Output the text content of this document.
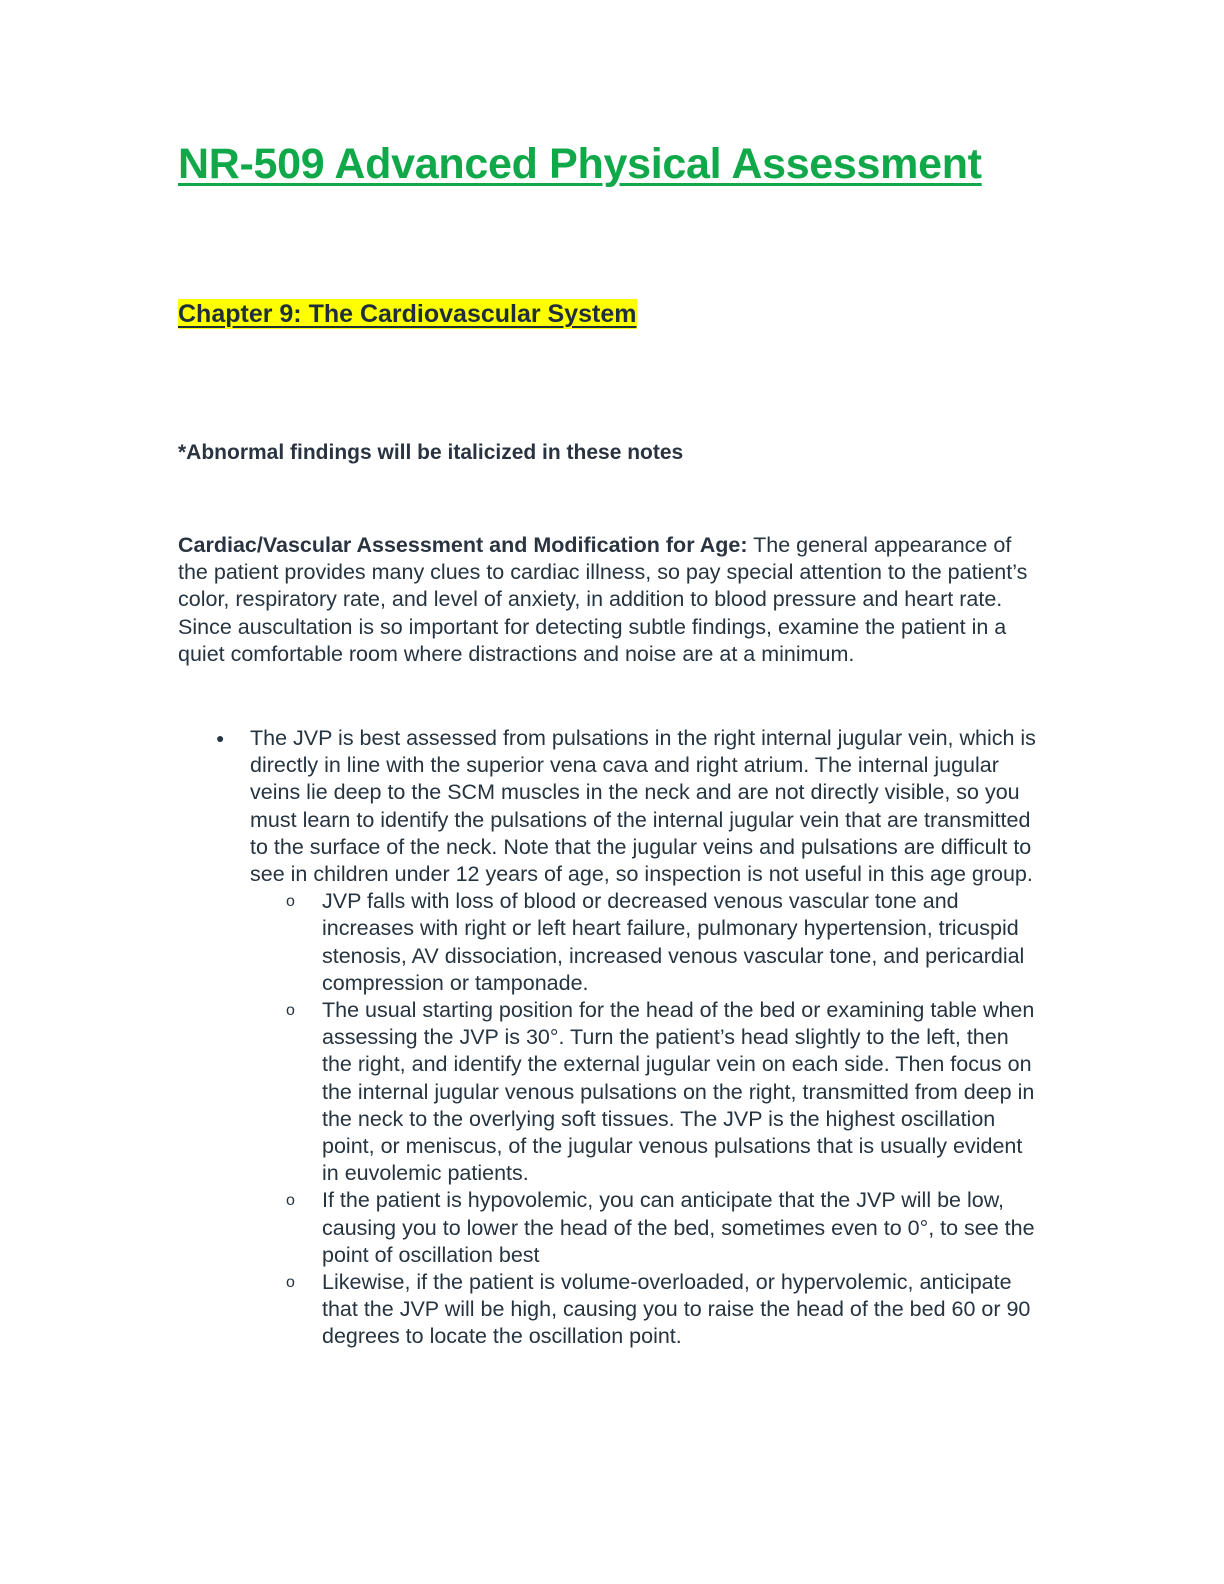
NR-509 Advanced Physical Assessment
Chapter 9: The Cardiovascular System

*Abnormal findings will be italicized in these notes

Cardiac/Vascular Assessment and Modification for Age: The general appearance of the patient provides many clues to cardiac illness, so pay special attention to the patient’s color, respiratory rate, and level of anxiety, in addition to blood pressure and heart rate. Since auscultation is so important for detecting subtle findings, examine the patient in a quiet comfortable room where distractions and noise are at a minimum.

● The JVP is best assessed from pulsations in the right internal jugular vein, which is directly in line with the superior vena cava and right atrium. The internal jugular veins lie deep to the SCM muscles in the neck and are not directly visible, so you must learn to identify the pulsations of the internal jugular vein that are transmitted to the surface of the neck. Note that the jugular veins and pulsations are difficult to see in children under 12 years of age, so inspection is not useful in this age group.
o JVP falls with loss of blood or decreased venous vascular tone and increases with right or left heart failure, pulmonary hypertension, tricuspid stenosis, AV dissociation, increased venous vascular tone, and pericardial compression or tamponade.
o The usual starting position for the head of the bed or examining table when assessing the JVP is 30°. Turn the patient’s head slightly to the left, then the right, and identify the external jugular vein on each side. Then focus on the internal jugular venous pulsations on the right, transmitted from deep in the neck to the overlying soft tissues. The JVP is the highest oscillation point, or meniscus, of the jugular venous pulsations that is usually evident in euvolemic patients.
o If the patient is hypovolemic, you can anticipate that the JVP will be low, causing you to lower the head of the bed, sometimes even to 0°, to see the point of oscillation best
o Likewise, if the patient is volume-overloaded, or hypervolemic, anticipate that the JVP will be high, causing you to raise the head of the bed 60 or 90 degrees to locate the oscillation point.
